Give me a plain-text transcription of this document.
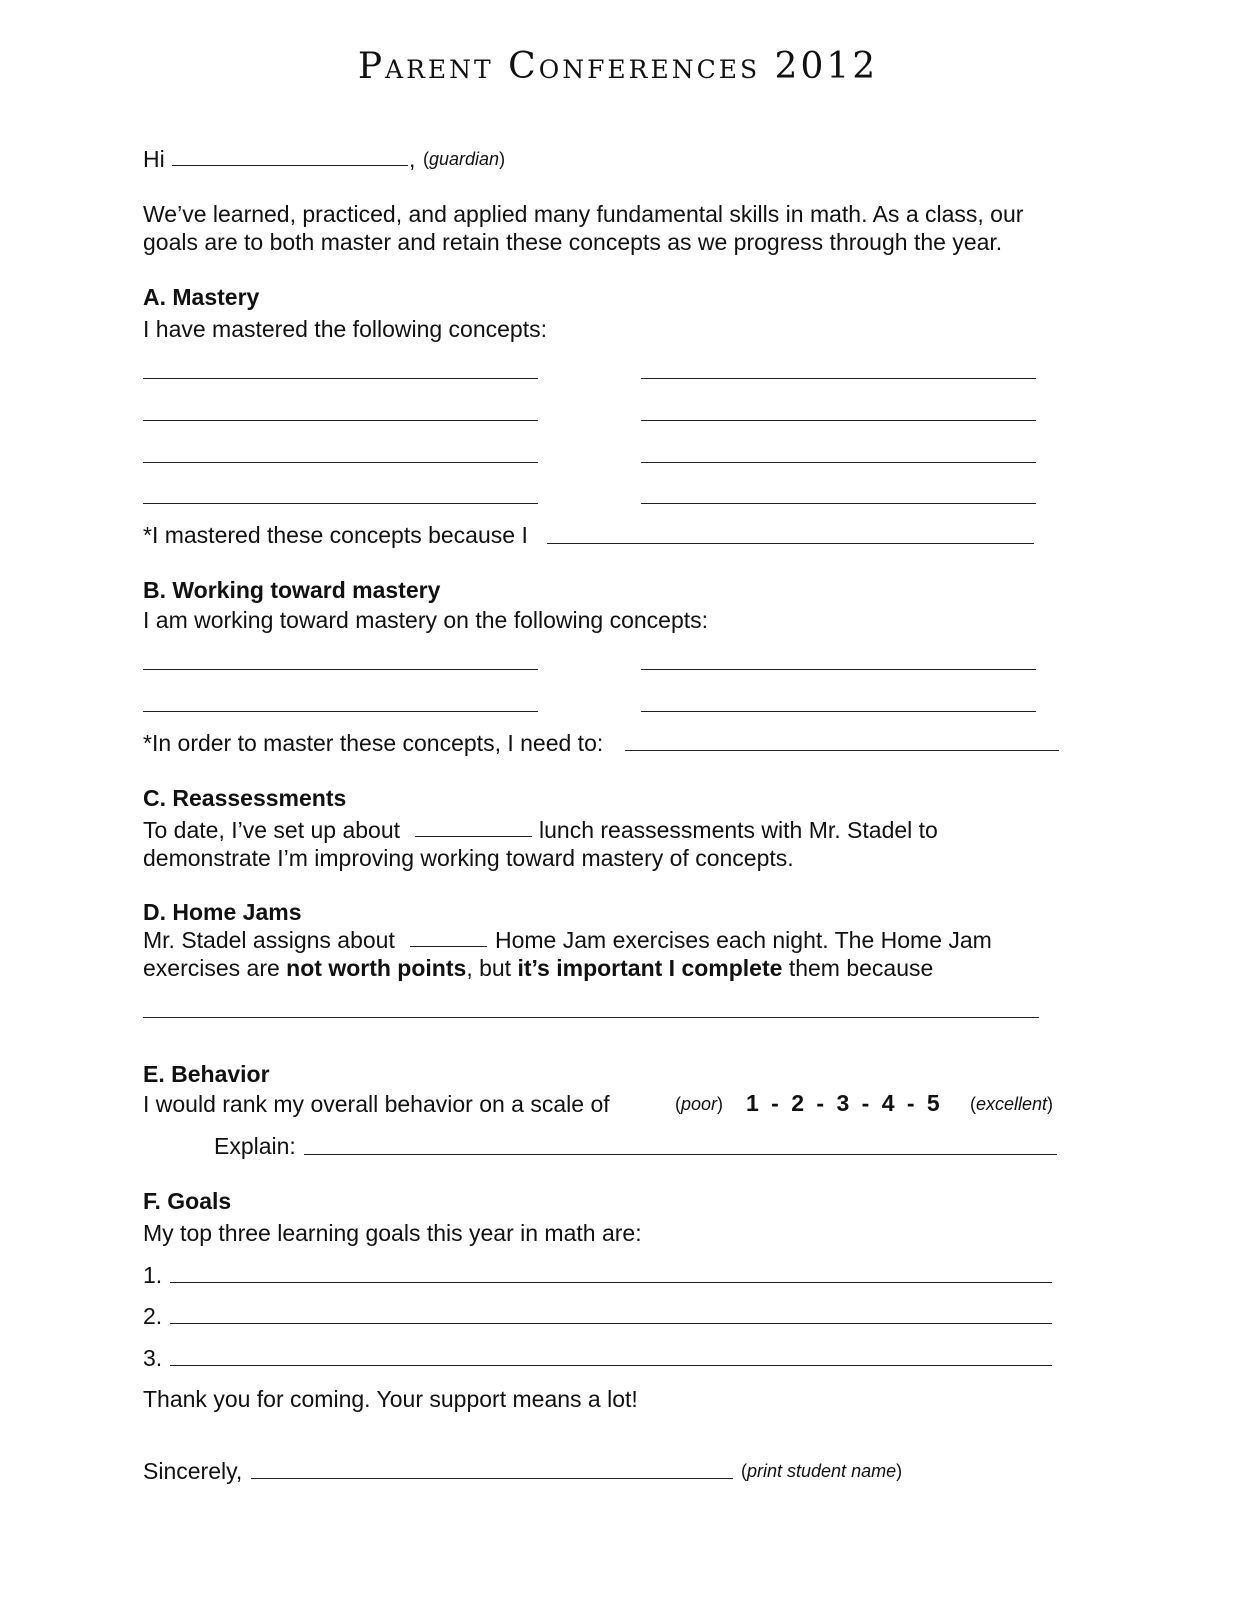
Parent Conferences 2012
Hi	, (guardian)
We’ve learned, practiced, and applied many fundamental skills in math. As a class, our
goals are to both master and retain these concepts as we progress through the year.
A. Mastery
I have mastered the following concepts:
*I mastered these concepts because I
B. Working toward mastery
I am working toward mastery on the following concepts:
*In order to master these concepts, I need to:
C. Reassessments
To date, I’ve set up about	lunch reassessments with Mr. Stadel to
demonstrate I’m improving working toward mastery of concepts.
D. Home Jams
Mr. Stadel assigns about	Home Jam exercises each night. The Home Jam
exercises are not worth points, but it’s important I complete them because
E. Behavior
I would rank my overall behavior on a scale of	(poor) 1 - 2 - 3 - 4 - 5 (excellent)
Explain:
F. Goals
My top three learning goals this year in math are:
1.
2.
3.
Thank you for coming. Your support means a lot!
Sincerely,	(print student name)
